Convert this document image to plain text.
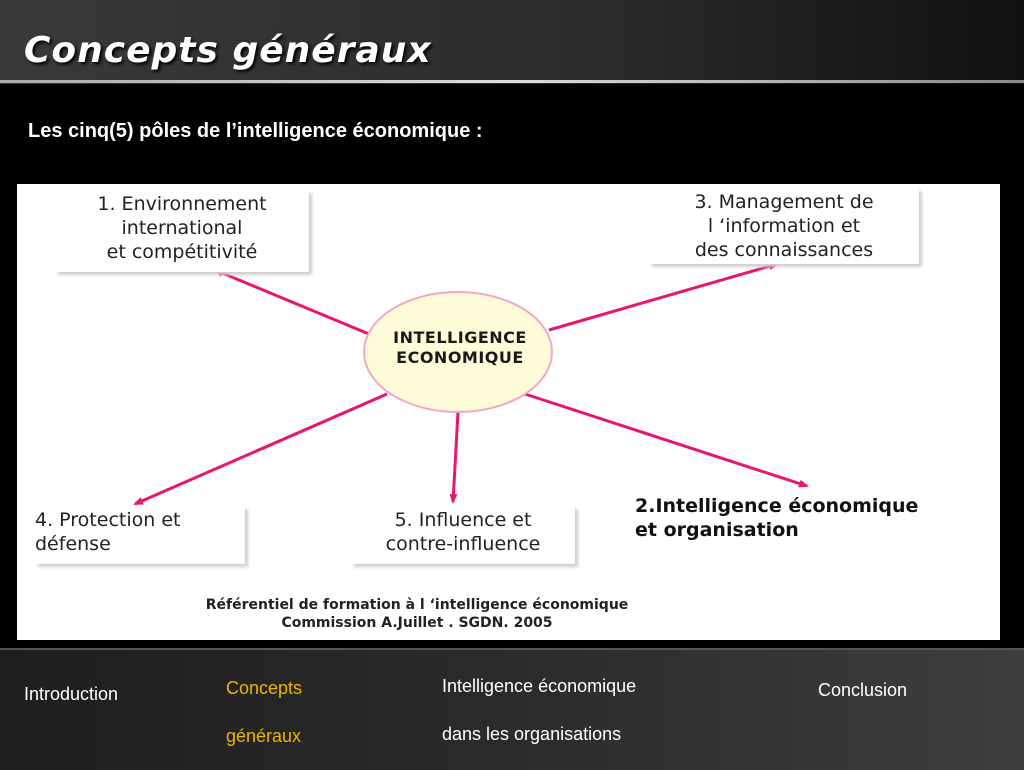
Concepts généraux
Les cinq(5) pôles de l’intelligence économique :
INTELLIGENCE
ECONOMIQUE
1. Environnement
international
et compétitivité
3. Management de
l ‘information et
des connaissances
4. Protection et
défense
5. Influence et
contre-influence
2.Intelligence économique
et organisation
Référentiel de formation à l ‘intelligence économique
Commission A.Juillet . SGDN. 2005
Introduction	Concepts
généraux
Intelligence économique
dans les organisations
Conclusion
